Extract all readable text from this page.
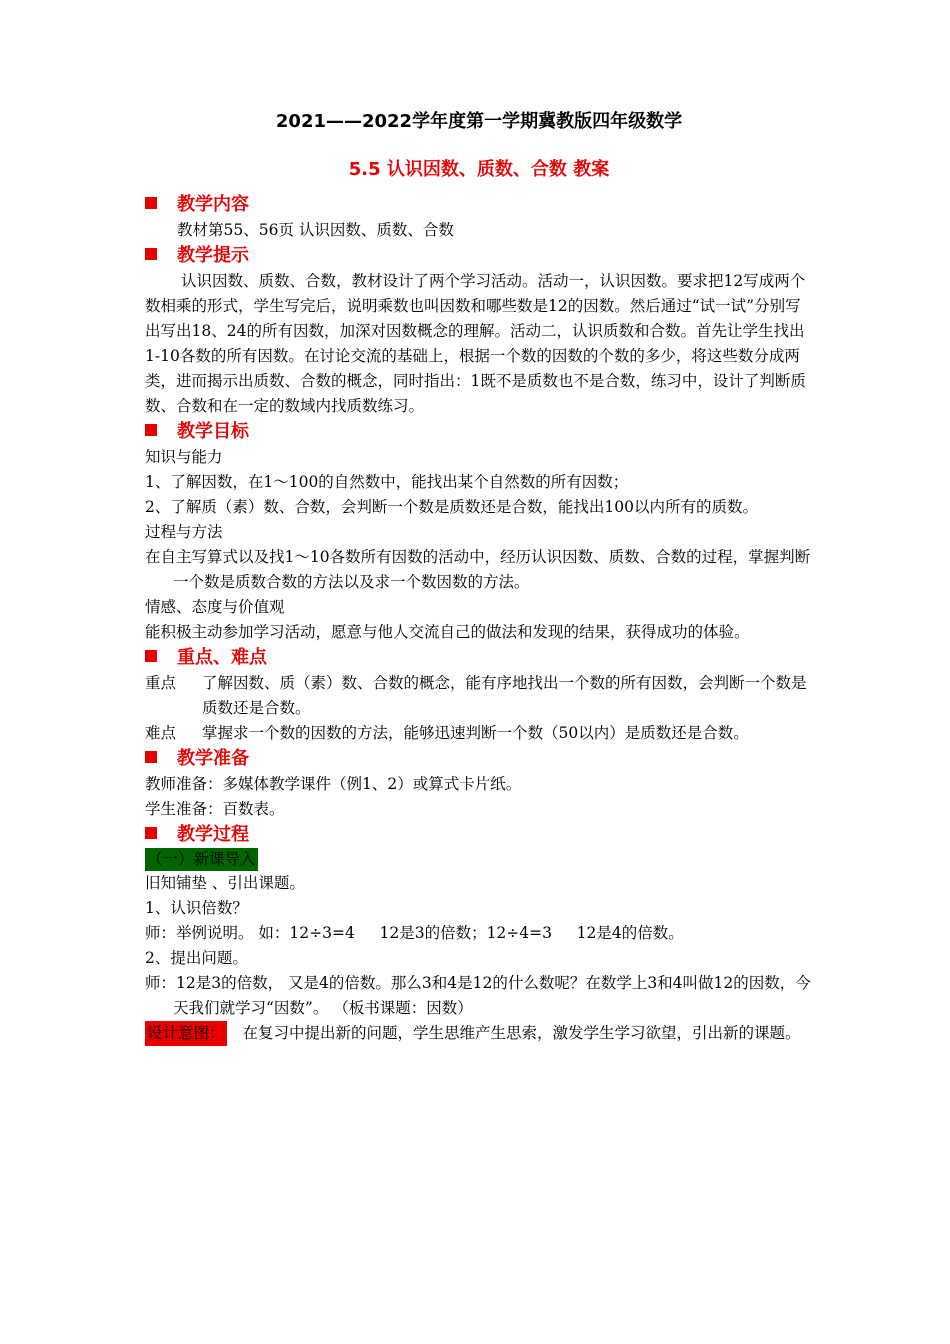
2021——2022学年度第一学期冀教版四年级数学
5.5 认识因数、质数、合数 教案
教学内容

教材第55、56页 认识因数、质数、合数

教学提示

认识因数、质数、合数，教材设计了两个学习活动。活动一，认识因数。要求把12写成两个数相乘的形式，学生写完后，说明乘数也叫因数和哪些数是12的因数。然后通过“试一试”分别写出写出18、24的所有因数，加深对因数概念的理解。活动二，认识质数和合数。首先让学生找出1-10各数的所有因数。在讨论交流的基础上，根据一个数的因数的个数的多少，将这些数分成两类，进而揭示出质数、合数的概念，同时指出：1既不是质数也不是合数，练习中，设计了判断质数、合数和在一定的数域内找质数练习。

教学目标

知识与能力

1、了解因数，在1～100的自然数中，能找出某个自然数的所有因数；

2、了解质（素）数、合数，会判断一个数是质数还是合数，能找出100以内所有的质数。

过程与方法

在自主写算式以及找1～10各数所有因数的活动中，经历认识因数、质数、合数的过程，掌握判断一个数是质数合数的方法以及求一个数因数的方法。

情感、态度与价值观

能积极主动参加学习活动，愿意与他人交流自己的做法和发现的结果，获得成功的体验。

重点、难点
重点	了解因数、质（素）数、合数的概念，能有序地找出一个数的所有因数，会判断一个数是质数还是合数。
难点	掌握求一个数的因数的方法，能够迅速判断一个数（50以内）是质数还是合数。
教学准备

教师准备：多媒体教学课件（例1、2）或算式卡片纸。

学生准备：百数表。

教学过程
（一）新课导入

旧知铺垫 、引出课题。

1、认识倍数？

师：举例说明。 如：12÷3=4     12是3的倍数；12÷4=3     12是4的倍数。

2、提出问题。

师：12是3的倍数， 又是4的倍数。那么3和4是12的什么数呢？在数学上3和4叫做12的因数，今天我们就学习“因数”。 （板书课题：因数）

设计意图： 在复习中提出新的问题，学生思维产生思索，激发学生学习欲望，引出新的课题。
